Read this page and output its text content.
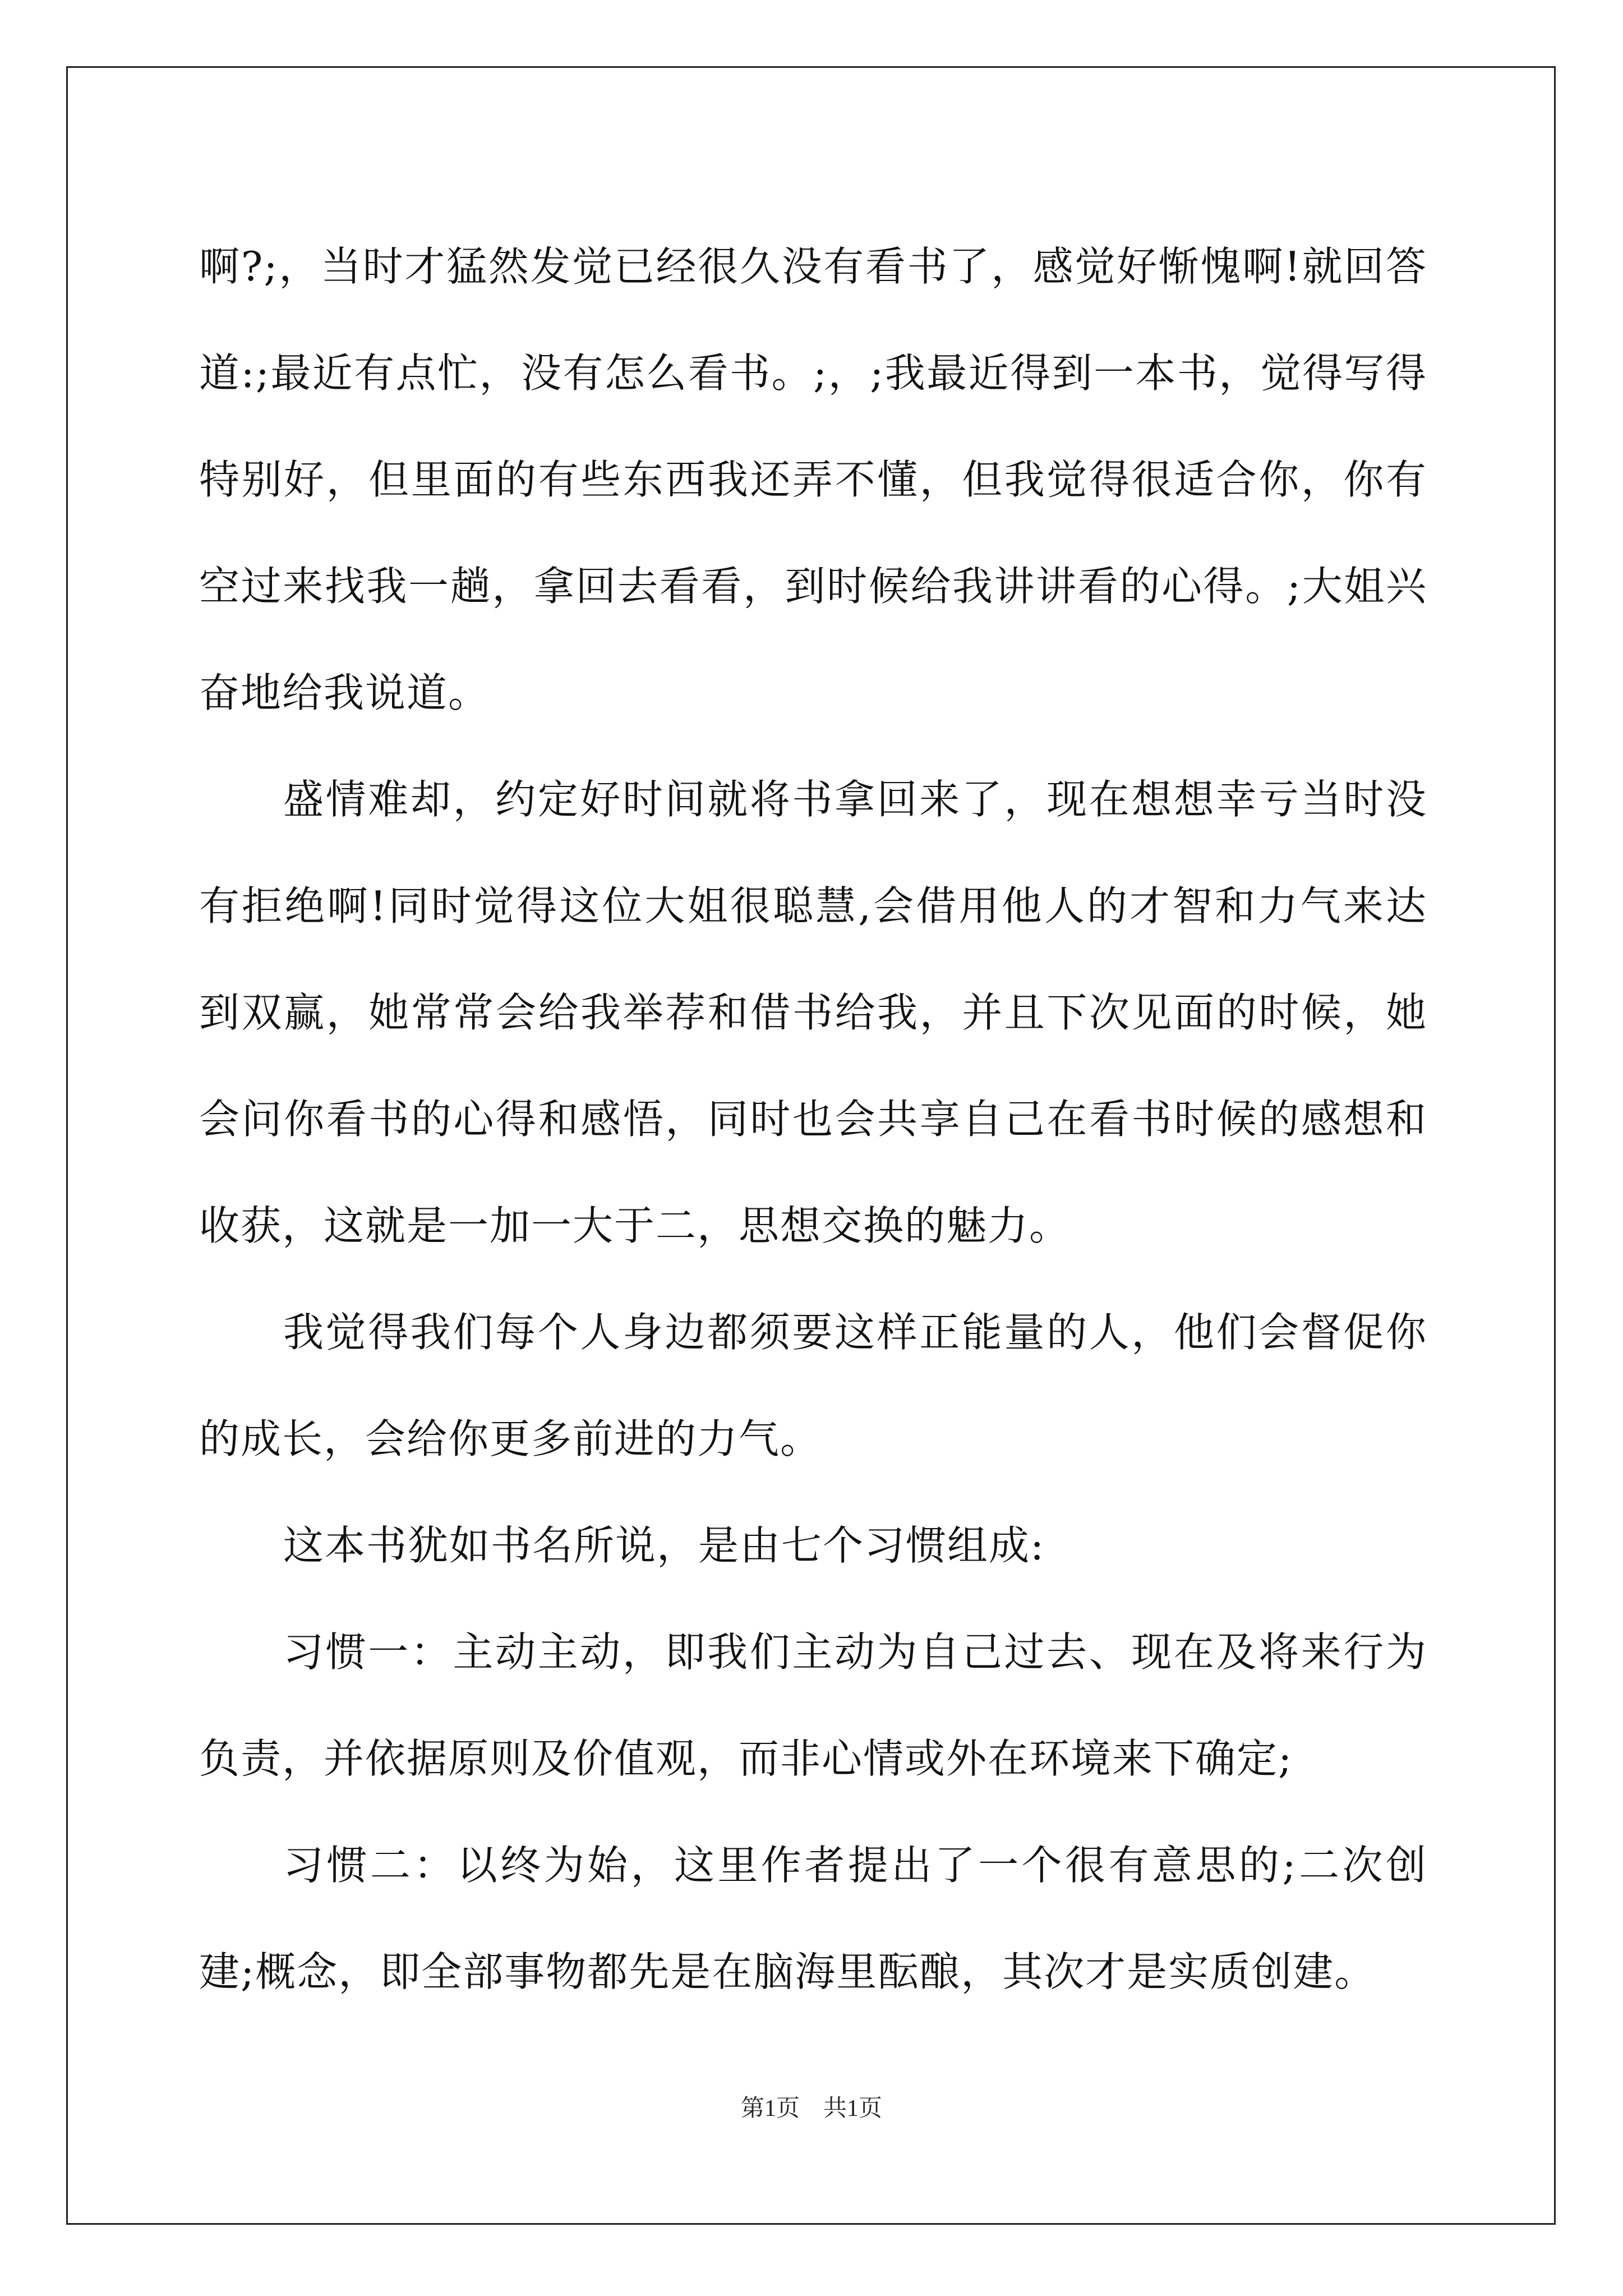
啊?;，当时才猛然发觉已经很久没有看书了，感觉好惭愧啊!就回答道:;最近有点忙，没有怎么看书。;，;我最近得到一本书，觉得写得特别好，但里面的有些东西我还弄不懂，但我觉得很适合你，你有空过来找我一趟，拿回去看看，到时候给我讲讲看的心得。;大姐兴奋地给我说道。

盛情难却，约定好时间就将书拿回来了，现在想想幸亏当时没有拒绝啊!同时觉得这位大姐很聪慧,会借用他人的才智和力气来达到双赢，她常常会给我举荐和借书给我，并且下次见面的时候，她会问你看书的心得和感悟，同时也会共享自己在看书时候的感想和收获，这就是一加一大于二，思想交换的魅力。

我觉得我们每个人身边都须要这样正能量的人，他们会督促你的成长，会给你更多前进的力气。

这本书犹如书名所说，是由七个习惯组成:

习惯一：主动主动，即我们主动为自己过去、现在及将来行为负责，并依据原则及价值观，而非心情或外在环境来下确定;

习惯二：以终为始，这里作者提出了一个很有意思的;二次创建;概念，即全部事物都先是在脑海里酝酿，其次才是实质创建。

第1页　共1页
